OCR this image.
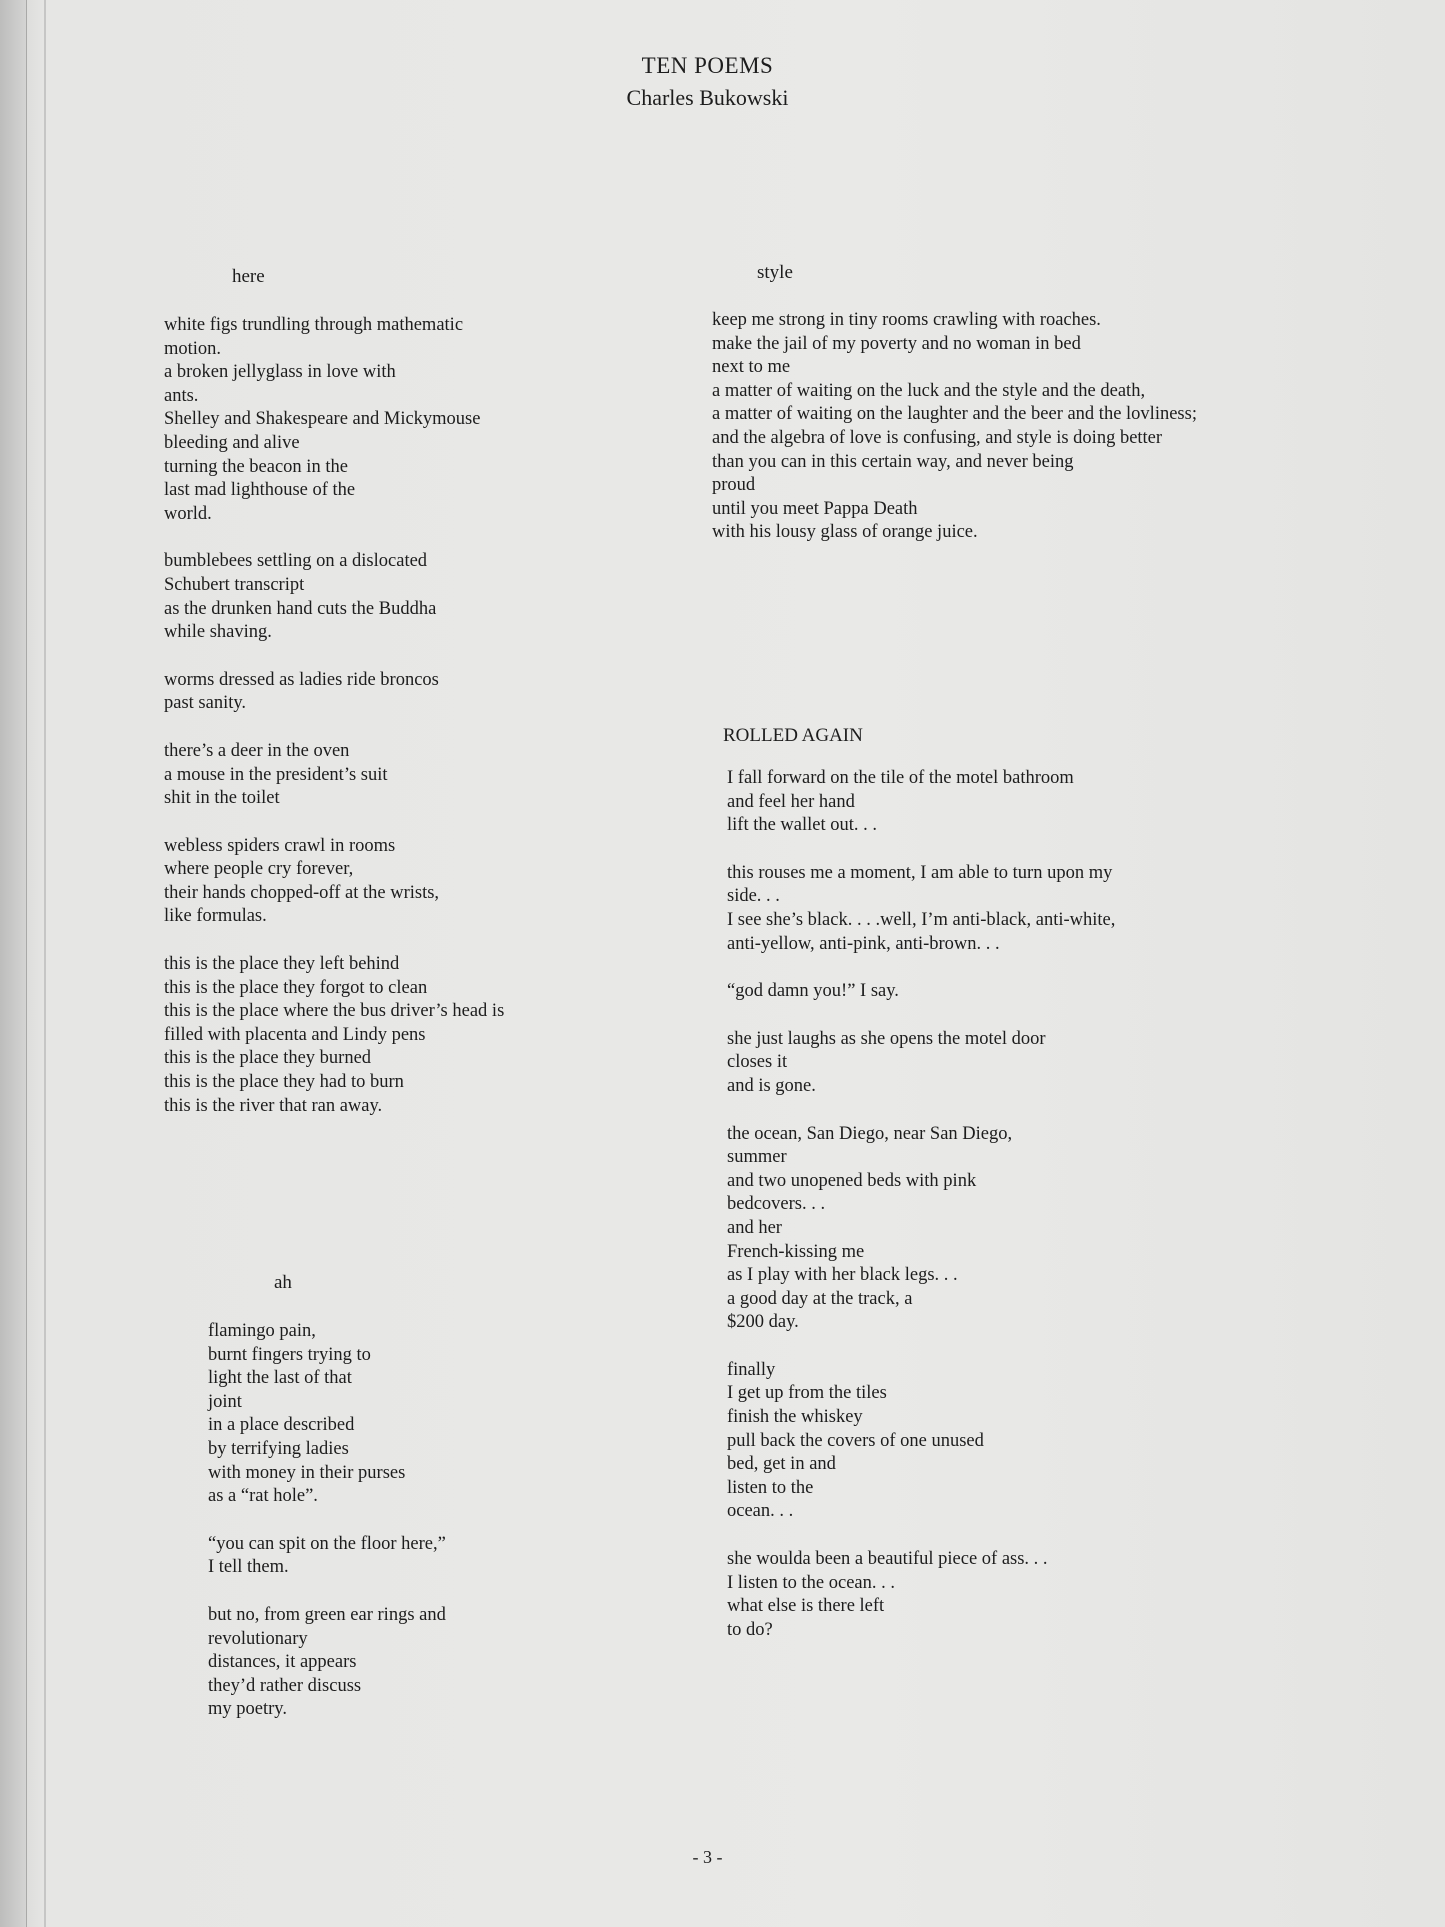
TEN POEMS
Charles Bukowski
here
white figs trundling through mathematic
motion.
a broken jellyglass in love with
ants.
Shelley and Shakespeare and Mickymouse
bleeding and alive
turning the beacon in the
last mad lighthouse of the
world.
bumblebees settling on a dislocated
Schubert transcript
as the drunken hand cuts the Buddha
while shaving.
worms dressed as ladies ride broncos
past sanity.
there’s a deer in the oven
a mouse in the president’s suit
shit in the toilet
webless spiders crawl in rooms
where people cry forever,
their hands chopped-off at the wrists,
like formulas.
this is the place they left behind
this is the place they forgot to clean
this is the place where the bus driver’s head is
filled with placenta and Lindy pens
this is the place they burned
this is the place they had to burn
this is the river that ran away.
ah
flamingo pain,
burnt fingers trying to
light the last of that
joint
in a place described
by terrifying ladies
with money in their purses
as a “rat hole”.
“you can spit on the floor here,”
I tell them.
but no, from green ear rings and
revolutionary
distances, it appears
they’d rather discuss
my poetry.
style
keep me strong in tiny rooms crawling with roaches.
make the jail of my poverty and no woman in bed
next to me
a matter of waiting on the luck and the style and the death,
a matter of waiting on the laughter and the beer and the lovliness;
and the algebra of love is confusing, and style is doing better
than you can in this certain way, and never being
proud
until you meet Pappa Death
with his lousy glass of orange juice.
ROLLED AGAIN
I fall forward on the tile of the motel bathroom
and feel her hand
lift the wallet out. . .
this rouses me a moment, I am able to turn upon my
side. . .
I see she’s black. . . .well, I’m anti-black, anti-white,
anti-yellow, anti-pink, anti-brown. . .
“god damn you!” I say.
she just laughs as she opens the motel door
closes it
and is gone.
the ocean, San Diego, near San Diego,
summer
and two unopened beds with pink
bedcovers. . .
and her
French-kissing me
as I play with her black legs. . .
a good day at the track, a
$200 day.
finally
I get up from the tiles
finish the whiskey
pull back the covers of one unused
bed, get in and
listen to the
ocean. . .
she woulda been a beautiful piece of ass. . .
I listen to the ocean. . .
what else is there left
to do?
- 3 -
